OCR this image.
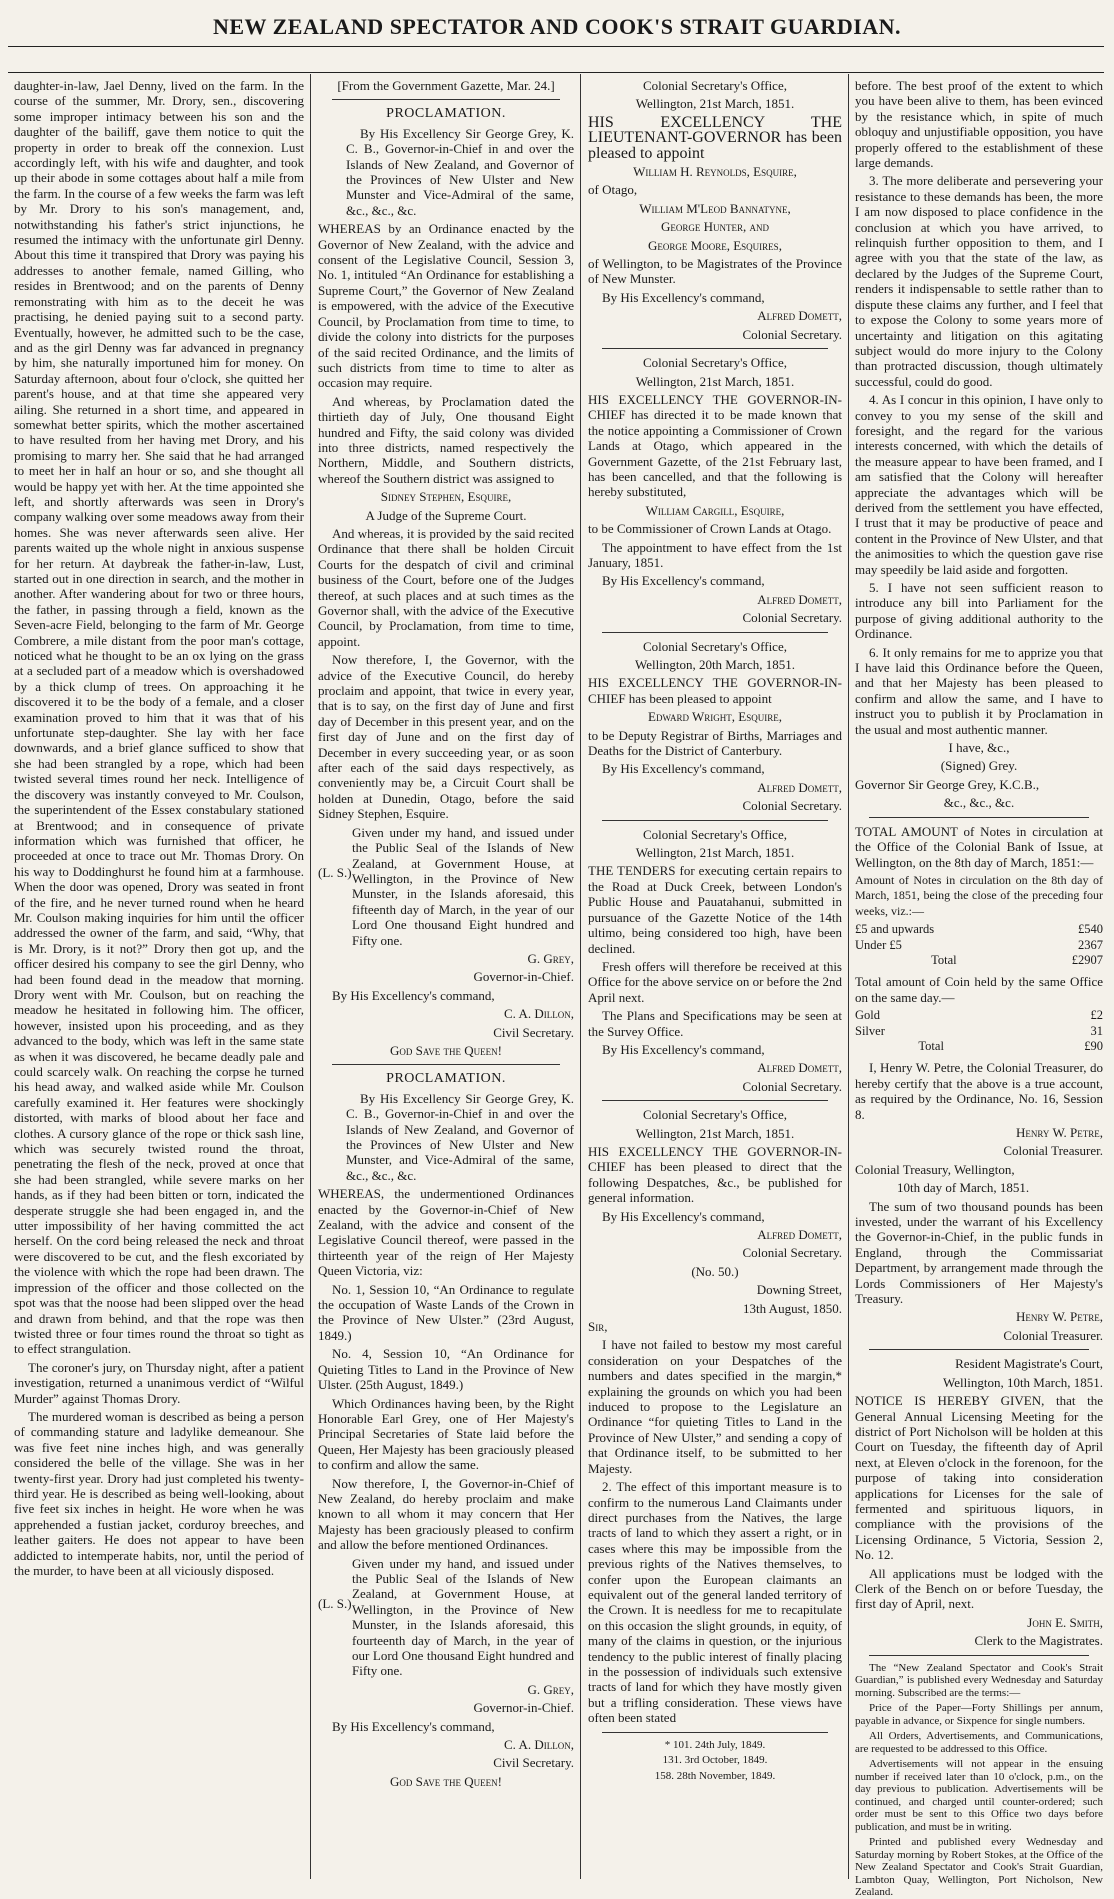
NEW ZEALAND SPECTATOR AND COOK'S STRAIT GUARDIAN.

daughter-in-law, Jael Denny, lived on the farm. In the course of the summer, Mr. Drory, sen., discovering some improper intimacy between his son and the daughter of the bailiff, gave them notice to quit the property in order to break off the connexion. Lust accordingly left, with his wife and daughter, and took up their abode in some cottages about half a mile from the farm. In the course of a few weeks the farm was left by Mr. Drory to his son's management, and, notwithstanding his father's strict injunctions, he resumed the intimacy with the unfortunate girl Denny. About this time it transpired that Drory was paying his addresses to another female, named Gilling, who resides in Brentwood; and on the parents of Denny remonstrating with him as to the deceit he was practising, he denied paying suit to a second party. Eventually, however, he admitted such to be the case, and as the girl Denny was far advanced in pregnancy by him, she naturally importuned him for money. On Saturday afternoon, about four o'clock, she quitted her parent's house, and at that time she appeared very ailing. She returned in a short time, and appeared in somewhat better spirits, which the mother ascertained to have resulted from her having met Drory, and his promising to marry her. She said that he had arranged to meet her in half an hour or so, and she thought all would be happy yet with her. At the time appointed she left, and shortly afterwards was seen in Drory's company walking over some meadows away from their homes. She was never afterwards seen alive. Her parents waited up the whole night in anxious suspense for her return. At daybreak the father-in-law, Lust, started out in one direction in search, and the mother in another. After wandering about for two or three hours, the father, in passing through a field, known as the Seven-acre Field, belonging to the farm of Mr. George Combrere, a mile distant from the poor man's cottage, noticed what he thought to be an ox lying on the grass at a secluded part of a meadow which is overshadowed by a thick clump of trees. On approaching it he discovered it to be the body of a female, and a closer examination proved to him that it was that of his unfortunate step-daughter. She lay with her face downwards, and a brief glance sufficed to show that she had been strangled by a rope, which had been twisted several times round her neck. Intelligence of the discovery was instantly conveyed to Mr. Coulson, the superintendent of the Essex constabulary stationed at Brentwood; and in consequence of private information which was furnished that officer, he proceeded at once to trace out Mr. Thomas Drory. On his way to Doddinghurst he found him at a farmhouse. When the door was opened, Drory was seated in front of the fire, and he never turned round when he heard Mr. Coulson making inquiries for him until the officer addressed the owner of the farm, and said, “Why, that is Mr. Drory, is it not?” Drory then got up, and the officer desired his company to see the girl Denny, who had been found dead in the meadow that morning. Drory went with Mr. Coulson, but on reaching the meadow he hesitated in following him. The officer, however, insisted upon his proceeding, and as they advanced to the body, which was left in the same state as when it was discovered, he became deadly pale and could scarcely walk. On reaching the corpse he turned his head away, and walked aside while Mr. Coulson carefully examined it. Her features were shockingly distorted, with marks of blood about her face and clothes. A cursory glance of the rope or thick sash line, which was securely twisted round the throat, penetrating the flesh of the neck, proved at once that she had been strangled, while severe marks on her hands, as if they had been bitten or torn, indicated the desperate struggle she had been engaged in, and the utter impossibility of her having committed the act herself. On the cord being released the neck and throat were discovered to be cut, and the flesh excoriated by the violence with which the rope had been drawn. The impression of the officer and those collected on the spot was that the noose had been slipped over the head and drawn from behind, and that the rope was then twisted three or four times round the throat so tight as to effect strangulation.

The coroner's jury, on Thursday night, after a patient investigation, returned a unanimous verdict of “Wilful Murder” against Thomas Drory.

The murdered woman is described as being a person of commanding stature and ladylike demeanour. She was five feet nine inches high, and was generally considered the belle of the village. She was in her twenty-first year. Drory had just completed his twenty-third year. He is described as being well-looking, about five feet six inches in height. He wore when he was apprehended a fustian jacket, corduroy breeches, and leather gaiters. He does not appear to have been addicted to intemperate habits, nor, until the period of the murder, to have been at all viciously disposed.

[From the Government Gazette, Mar. 24.]

PROCLAMATION.

By His Excellency Sir George Grey, K. C. B., Governor-in-Chief in and over the Islands of New Zealand, and Governor of the Provinces of New Ulster and New Munster and Vice-Admiral of the same, &c., &c., &c.

WHEREAS by an Ordinance enacted by the Governor of New Zealand, with the advice and consent of the Legislative Council, Session 3, No. 1, intituled “An Ordinance for establishing a Supreme Court,” the Governor of New Zealand is empowered, with the advice of the Executive Council, by Proclamation from time to time, to divide the colony into districts for the purposes of the said recited Ordinance, and the limits of such districts from time to time to alter as occasion may require.

And whereas, by Proclamation dated the thirtieth day of July, One thousand Eight hundred and Fifty, the said colony was divided into three districts, named respectively the Northern, Middle, and Southern districts, whereof the Southern district was assigned to

Sidney Stephen, Esquire,

A Judge of the Supreme Court.

And whereas, it is provided by the said recited Ordinance that there shall be holden Circuit Courts for the despatch of civil and criminal business of the Court, before one of the Judges thereof, at such places and at such times as the Governor shall, with the advice of the Executive Council, by Proclamation, from time to time, appoint.

Now therefore, I, the Governor, with the advice of the Executive Council, do hereby proclaim and appoint, that twice in every year, that is to say, on the first day of June and first day of December in this present year, and on the first day of June and on the first day of December in every succeeding year, or as soon after each of the said days respectively, as conveniently may be, a Circuit Court shall be holden at Dunedin, Otago, before the said Sidney Stephen, Esquire.

(L. S.)

Given under my hand, and issued under the Public Seal of the Islands of New Zealand, at Government House, at Wellington, in the Province of New Munster, in the Islands aforesaid, this fifteenth day of March, in the year of our Lord One thousand Eight hundred and Fifty one.

G. Grey,

Governor-in-Chief.

By His Excellency's command,

C. A. Dillon,

Civil Secretary.

God Save the Queen!

PROCLAMATION.

By His Excellency Sir George Grey, K. C. B., Governor-in-Chief in and over the Islands of New Zealand, and Governor of the Provinces of New Ulster and New Munster, and Vice-Admiral of the same, &c., &c., &c.

WHEREAS, the undermentioned Ordinances enacted by the Governor-in-Chief of New Zealand, with the advice and consent of the Legislative Council thereof, were passed in the thirteenth year of the reign of Her Majesty Queen Victoria, viz:

No. 1, Session 10, “An Ordinance to regulate the occupation of Waste Lands of the Crown in the Province of New Ulster.” (23rd August, 1849.)

No. 4, Session 10, “An Ordinance for Quieting Titles to Land in the Province of New Ulster. (25th August, 1849.)

Which Ordinances having been, by the Right Honorable Earl Grey, one of Her Majesty's Principal Secretaries of State laid before the Queen, Her Majesty has been graciously pleased to confirm and allow the same.

Now therefore, I, the Governor-in-Chief of New Zealand, do hereby proclaim and make known to all whom it may concern that Her Majesty has been graciously pleased to confirm and allow the before mentioned Ordinances.

(L. S.)

Given under my hand, and issued under the Public Seal of the Islands of New Zealand, at Government House, at Wellington, in the Province of New Munster, in the Islands aforesaid, this fourteenth day of March, in the year of our Lord One thousand Eight hundred and Fifty one.

G. Grey,

Governor-in-Chief.

By His Excellency's command,

C. A. Dillon,

Civil Secretary.

God Save the Queen!

Colonial Secretary's Office,

Wellington, 21st March, 1851.

HIS EXCELLENCY THE LIEUTENANT-GOVERNOR has been pleased to appoint

William H. Reynolds, Esquire,

of Otago,

William M'Leod Bannatyne,

George Hunter, and

George Moore, Esquires,

of Wellington, to be Magistrates of the Province of New Munster.

By His Excellency's command,

Alfred Domett,

Colonial Secretary.

Colonial Secretary's Office,

Wellington, 21st March, 1851.

HIS EXCELLENCY THE GOVERNOR-IN-CHIEF has directed it to be made known that the notice appointing a Commissioner of Crown Lands at Otago, which appeared in the Government Gazette, of the 21st February last, has been cancelled, and that the following is hereby substituted,

William Cargill, Esquire,

to be Commissioner of Crown Lands at Otago.

The appointment to have effect from the 1st January, 1851.

By His Excellency's command,

Alfred Domett,

Colonial Secretary.

Colonial Secretary's Office,

Wellington, 20th March, 1851.

HIS EXCELLENCY THE GOVERNOR-IN-CHIEF has been pleased to appoint

Edward Wright, Esquire,

to be Deputy Registrar of Births, Marriages and Deaths for the District of Canterbury.

By His Excellency's command,

Alfred Domett,

Colonial Secretary.

Colonial Secretary's Office,

Wellington, 21st March, 1851.

THE TENDERS for executing certain repairs to the Road at Duck Creek, between London's Public House and Pauatahanui, submitted in pursuance of the Gazette Notice of the 14th ultimo, being considered too high, have been declined.

Fresh offers will therefore be received at this Office for the above service on or before the 2nd April next.

The Plans and Specifications may be seen at the Survey Office.

By His Excellency's command,

Alfred Domett,

Colonial Secretary.

Colonial Secretary's Office,

Wellington, 21st March, 1851.

HIS EXCELLENCY THE GOVERNOR-IN-CHIEF has been pleased to direct that the following Despatches, &c., be published for general information.

By His Excellency's command,

Alfred Domett,

Colonial Secretary.

(No. 50.)

Downing Street,

13th August, 1850.

Sir,

I have not failed to bestow my most careful consideration on your Despatches of the numbers and dates specified in the margin,* explaining the grounds on which you had been induced to propose to the Legislature an Ordinance “for quieting Titles to Land in the Province of New Ulster,” and sending a copy of that Ordinance itself, to be submitted to her Majesty.

2. The effect of this important measure is to confirm to the numerous Land Claimants under direct purchases from the Natives, the large tracts of land to which they assert a right, or in cases where this may be impossible from the previous rights of the Natives themselves, to confer upon the European claimants an equivalent out of the general landed territory of the Crown. It is needless for me to recapitulate on this occasion the slight grounds, in equity, of many of the claims in question, or the injurious tendency to the public interest of finally placing in the possession of individuals such extensive tracts of land for which they have mostly given but a trifling consideration. These views have often been stated

* 101. 24th July, 1849.

131. 3rd October, 1849.

158. 28th November, 1849.

before. The best proof of the extent to which you have been alive to them, has been evinced by the resistance which, in spite of much obloquy and unjustifiable opposition, you have properly offered to the establishment of these large demands.

3. The more deliberate and persevering your resistance to these demands has been, the more I am now disposed to place confidence in the conclusion at which you have arrived, to relinquish further opposition to them, and I agree with you that the state of the law, as declared by the Judges of the Supreme Court, renders it indispensable to settle rather than to dispute these claims any further, and I feel that to expose the Colony to some years more of uncertainty and litigation on this agitating subject would do more injury to the Colony than protracted discussion, though ultimately successful, could do good.

4. As I concur in this opinion, I have only to convey to you my sense of the skill and foresight, and the regard for the various interests concerned, with which the details of the measure appear to have been framed, and I am satisfied that the Colony will hereafter appreciate the advantages which will be derived from the settlement you have effected, I trust that it may be productive of peace and content in the Province of New Ulster, and that the animosities to which the question gave rise may speedily be laid aside and forgotten.

5. I have not seen sufficient reason to introduce any bill into Parliament for the purpose of giving additional authority to the Ordinance.

6. It only remains for me to apprize you that I have laid this Ordinance before the Queen, and that her Majesty has been pleased to confirm and allow the same, and I have to instruct you to publish it by Proclamation in the usual and most authentic manner.

I have, &c.,

(Signed) Grey.

Governor Sir George Grey, K.C.B.,

&c., &c., &c.

TOTAL AMOUNT of Notes in circulation at the Office of the Colonial Bank of Issue, at Wellington, on the 8th day of March, 1851:—

Amount of Notes in circulation on the 8th day of March, 1851, being the close of the preceding four weeks, viz.:—

£5 and upwards	£540
Under £5	2367
Total	£2907

Total amount of Coin held by the same Office on the same day.—

Gold	£2
Silver	31
Total	£90

I, Henry W. Petre, the Colonial Treasurer, do hereby certify that the above is a true account, as required by the Ordinance, No. 16, Session 8.

Henry W. Petre,

Colonial Treasurer.

Colonial Treasury, Wellington,

10th day of March, 1851.

The sum of two thousand pounds has been invested, under the warrant of his Excellency the Governor-in-Chief, in the public funds in England, through the Commissariat Department, by arrangement made through the Lords Commissioners of Her Majesty's Treasury.

Henry W. Petre,

Colonial Treasurer.

Resident Magistrate's Court,

Wellington, 10th March, 1851.

NOTICE IS HEREBY GIVEN, that the General Annual Licensing Meeting for the district of Port Nicholson will be holden at this Court on Tuesday, the fifteenth day of April next, at Eleven o'clock in the forenoon, for the purpose of taking into consideration applications for Licenses for the sale of fermented and spirituous liquors, in compliance with the provisions of the Licensing Ordinance, 5 Victoria, Session 2, No. 12.

All applications must be lodged with the Clerk of the Bench on or before Tuesday, the first day of April, next.

John E. Smith,

Clerk to the Magistrates.

The “New Zealand Spectator and Cook's Strait Guardian,” is published every Wednesday and Saturday morning. Subscribed are the terms:—

Price of the Paper—Forty Shillings per annum, payable in advance, or Sixpence for single numbers.

All Orders, Advertisements, and Communications, are requested to be addressed to this Office.

Advertisements will not appear in the ensuing number if received later than 10 o'clock, p.m., on the day previous to publication. Advertisements will be continued, and charged until counter-ordered; such order must be sent to this Office two days before publication, and must be in writing.

Printed and published every Wednesday and Saturday morning by Robert Stokes, at the Office of the New Zealand Spectator and Cook's Strait Guardian, Lambton Quay, Wellington, Port Nicholson, New Zealand.
